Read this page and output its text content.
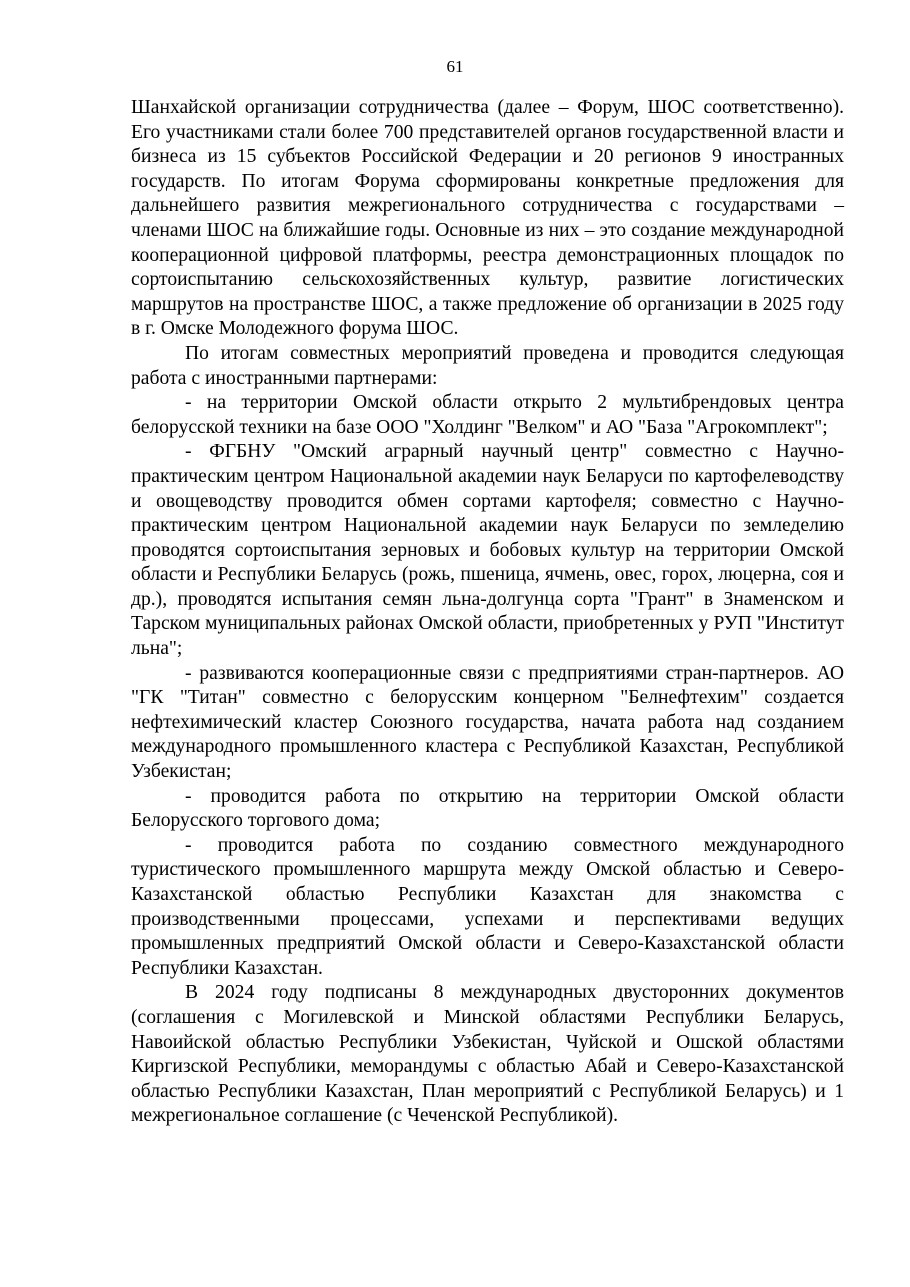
61

Шанхайской организации сотрудничества (далее – Форум, ШОС соответственно). Его участниками стали более 700 представителей органов государственной власти и бизнеса из 15 субъектов Российской Федерации и 20 регионов 9 иностранных государств. По итогам Форума сформированы конкретные предложения для дальнейшего развития межрегионального сотрудничества с государствами – членами ШОС на ближайшие годы. Основные из них – это создание международной кооперационной цифровой платформы, реестра демонстрационных площадок по сортоиспытанию сельскохозяйственных культур, развитие логистических маршрутов на пространстве ШОС, а также предложение об организации в 2025 году в г. Омске Молодежного форума ШОС.

По итогам совместных мероприятий проведена и проводится следующая работа с иностранными партнерами:

- на территории Омской области открыто 2 мультибрендовых центра белорусской техники на базе ООО "Холдинг "Велком" и АО "База "Агрокомплект";

- ФГБНУ "Омский аграрный научный центр" совместно с Научно-практическим центром Национальной академии наук Беларуси по картофелеводству и овощеводству проводится обмен сортами картофеля; совместно с Научно-практическим центром Национальной академии наук Беларуси по земледелию проводятся сортоиспытания зерновых и бобовых культур на территории Омской области и Республики Беларусь (рожь, пшеница, ячмень, овес, горох, люцерна, соя и др.), проводятся испытания семян льна-долгунца сорта "Грант" в Знаменском и Тарском муниципальных районах Омской области, приобретенных у РУП "Институт льна";

- развиваются кооперационные связи с предприятиями стран-партнеров. АО "ГК "Титан" совместно с белорусским концерном "Белнефтехим" создается нефтехимический кластер Союзного государства, начата работа над созданием международного промышленного кластера с Республикой Казахстан, Республикой Узбекистан;

- проводится работа по открытию на территории Омской области Белорусского торгового дома;

- проводится работа по созданию совместного международного туристического промышленного маршрута между Омской областью и Северо-Казахстанской областью Республики Казахстан для знакомства с производственными процессами, успехами и перспективами ведущих промышленных предприятий Омской области и Северо-Казахстанской области Республики Казахстан.

В 2024 году подписаны 8 международных двусторонних документов (соглашения с Могилевской и Минской областями Республики Беларусь, Навоийской областью Республики Узбекистан, Чуйской и Ошской областями Киргизской Республики, меморандумы с областью Абай и Северо-Казахстанской областью Республики Казахстан, План мероприятий с Республикой Беларусь) и 1 межрегиональное соглашение (с Чеченской Республикой).
